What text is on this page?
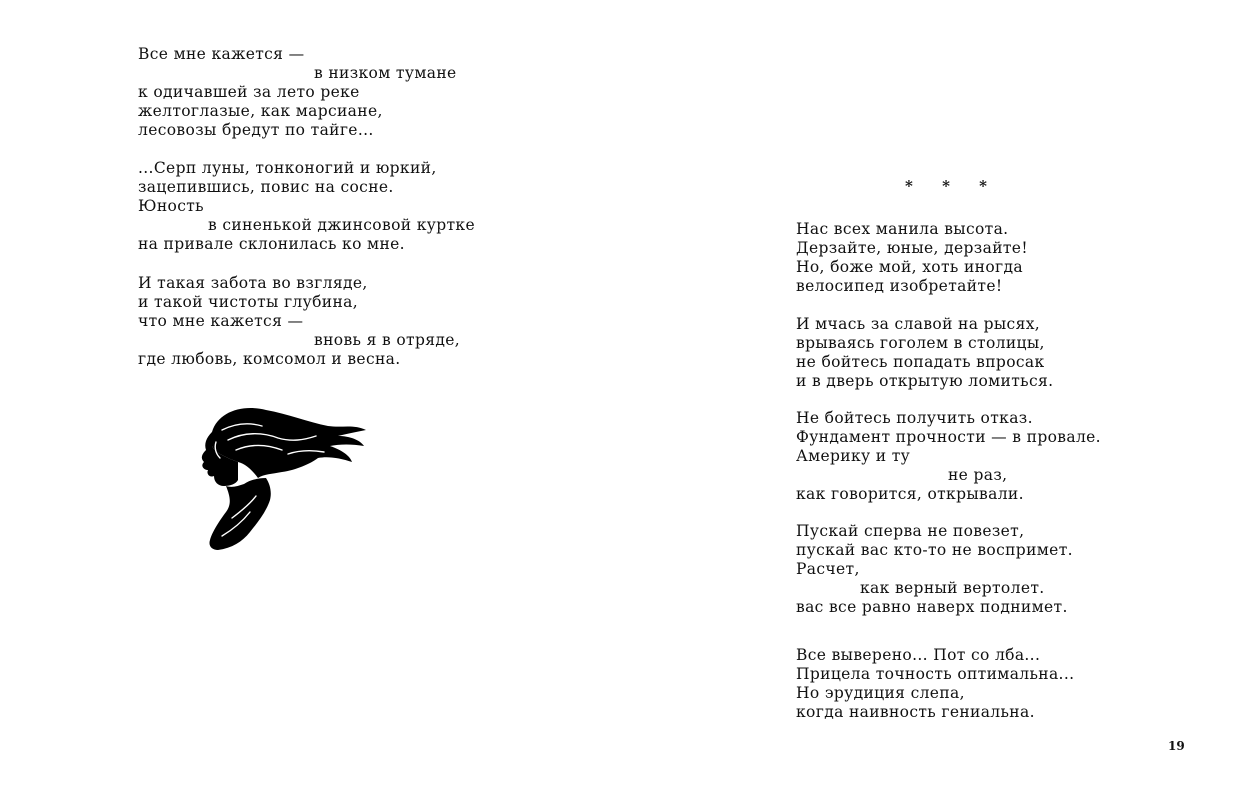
Все мне кажется —
в низком тумане
к одичавшей за лето реке
желтоглазые, как марсиане,
лесовозы бредут по тайге...
...Серп луны, тонконогий и юркий,
зацепившись, повис на сосне.
Юность
в синенькой джинсовой куртке
на привале склонилась ко мне.
И такая забота во взгляде,
и такой чистоты глубина,
что мне кажется —
вновь я в отряде,
где любовь, комсомол и весна.
* * *
Нас всех манила высота.
Дерзайте, юные, дерзайте!
Но, боже мой, хоть иногда
велосипед изобретайте!
И мчась за славой на рысях,
врываясь гоголем в столицы,
не бойтесь попадать впросак
и в дверь открытую ломиться.
Не бойтесь получить отказ.
Фундамент прочности — в провале.
Америку и ту
не раз,
как говорится, открывали.
Пускай сперва не повезет,
пускай вас кто-то не воспримет.
Расчет,
как верный вертолет.
вас все равно наверх поднимет.
Все выверено... Пот со лба...
Прицела точность оптимальна...
Но эрудиция слепа,
когда наивность гениальна.
19
